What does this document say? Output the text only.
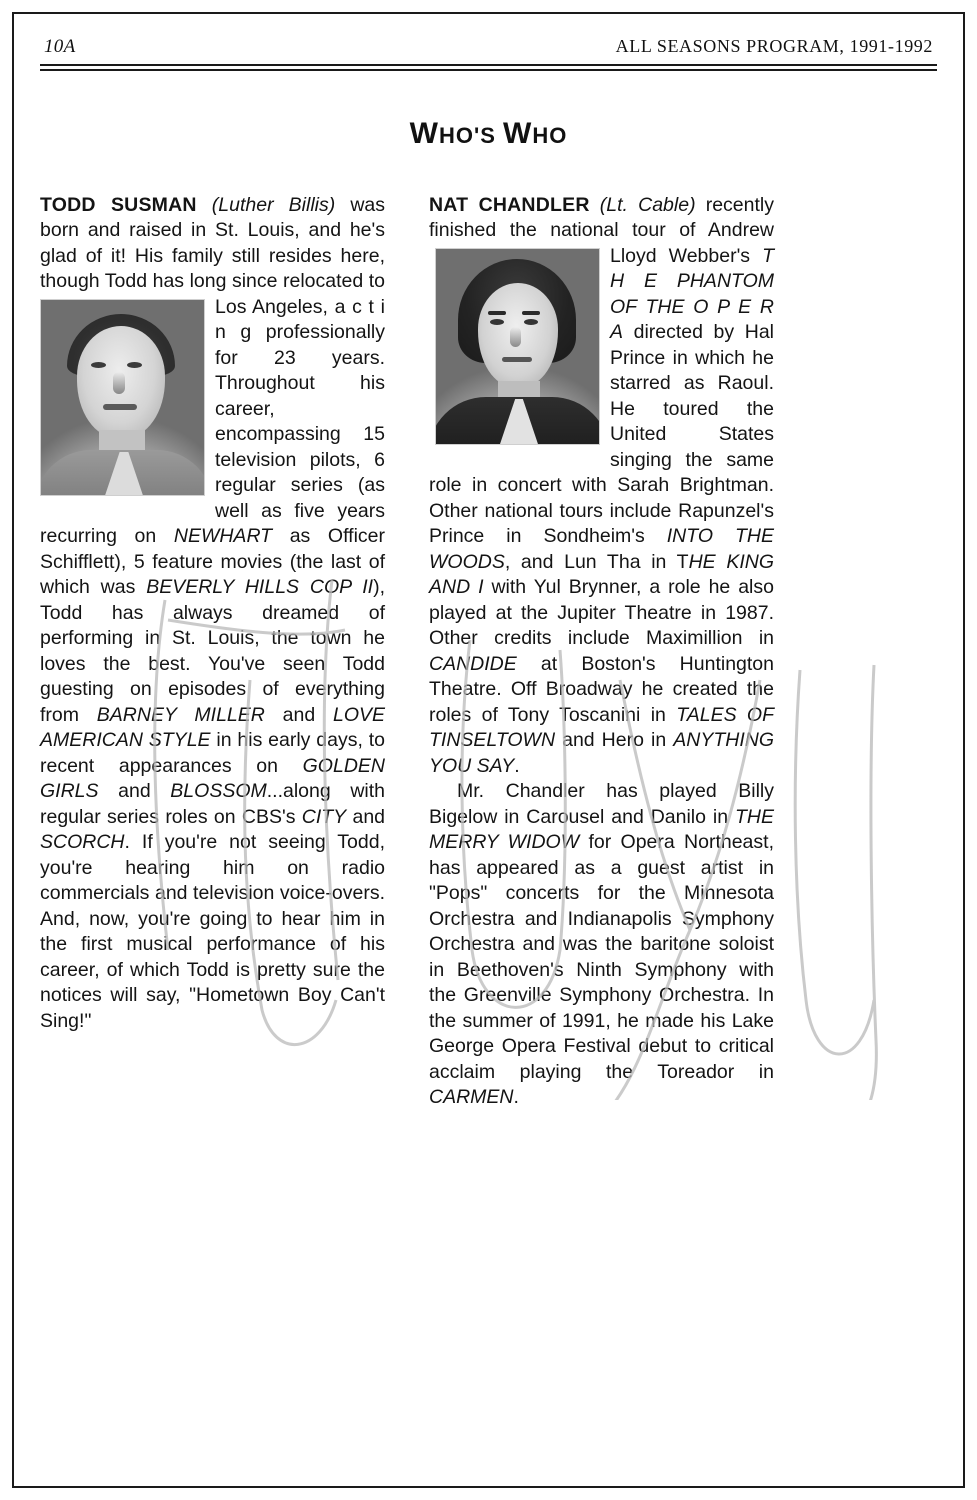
10A	ALL SEASONS PROGRAM, 1991-1992
WHO'S WHO

TODD SUSMAN (Luther Billis) was born and raised in St. Louis, and he's glad of it! His family still resides here, though Todd has long since relocated to Los Angeles,
a c t i n g professionally for 23 years. Throughout his career, encompassing 15 television pilots, 6 regular series (as well as five years recurring on NEWHART as Officer Schifflett), 5 feature movies (the last of which was BEVERLY HILLS COP II), Todd has always dreamed of performing in St. Louis, the town he loves the best. You've seen Todd guesting on episodes of everything from BARNEY MILLER and LOVE AMERICAN STYLE in his early days, to recent appearances on GOLDEN GIRLS and BLOSSOM...along with regular series roles on CBS's CITY and SCORCH. If you're not seeing Todd, you're hearing him on radio commercials and television voice-overs. And, now, you're going to hear him in the first musical performance of his career, of which Todd is pretty sure the notices will say, "Hometown Boy Can't Sing!"

NAT CHANDLER (Lt. Cable) recently finished the national tour of Andrew Lloyd Webber's
T H E PHANTOM OF THE O P E R A directed by Hal Prince in which he starred as Raoul. He toured the United States singing the same role in concert with Sarah Brightman. Other national tours include Rapunzel's Prince in Sondheim's INTO THE WOODS, and Lun Tha in THE KING AND I with Yul Brynner, a role he also played at the Jupiter Theatre in 1987. Other credits include Maximillion in CANDIDE at Boston's Huntington Theatre. Off Broadway he created the roles of Tony Toscanini in TALES OF TINSELTOWN and Hero in ANYTHING YOU SAY.

Mr. Chandler has played Billy Bigelow in Carousel and Danilo in THE MERRY WIDOW for Opera Northeast, has appeared as a guest artist in "Pops" concerts for the Minnesota Orchestra and Indianapolis Symphony Orchestra and was the baritone soloist in Beethoven's Ninth Symphony with the Greenville Symphony Orchestra. In the summer of 1991, he made his Lake George Opera Festival debut to critical acclaim playing the Toreador in CARMEN.
